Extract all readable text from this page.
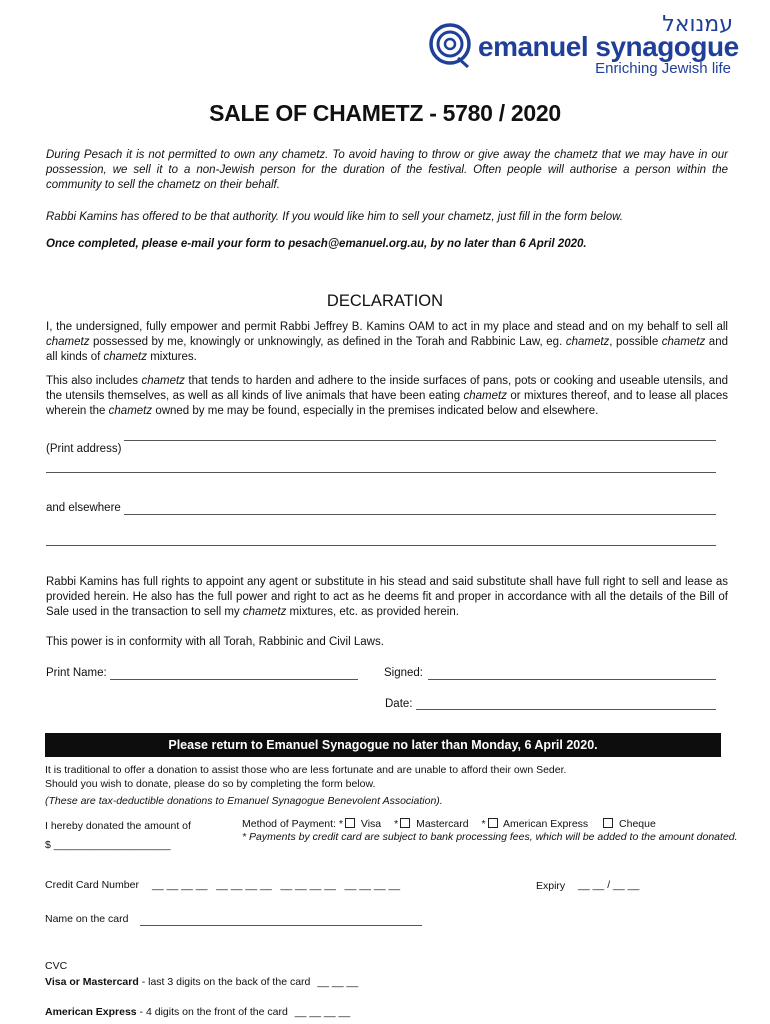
עמנואל
emanuel synagogue
Enriching Jewish life
SALE OF CHAMETZ - 5780 / 2020
During Pesach it is not permitted to own any chametz. To avoid having to throw or give away the chametz that we may have in our possession, we sell it to a non-Jewish person for the duration of the festival. Often people will authorise a person within the community to sell the chametz on their behalf.
Rabbi Kamins has offered to be that authority. If you would like him to sell your chametz, just fill in the form below.
Once completed, please e-mail your form to pesach@emanuel.org.au, by no later than 6 April 2020.
DECLARATION
I, the undersigned, fully empower and permit Rabbi Jeffrey B. Kamins OAM to act in my place and stead and on my behalf to sell all chametz possessed by me, knowingly or unknowingly, as defined in the Torah and Rabbinic Law, eg. chametz, possible chametz and all kinds of chametz mixtures.
This also includes chametz that tends to harden and adhere to the inside surfaces of pans, pots or cooking and useable utensils, and the utensils themselves, as well as all kinds of live animals that have been eating chametz or mixtures thereof, and to lease all places wherein the chametz owned by me may be found, especially in the premises indicated below and elsewhere.
(Print address)
and elsewhere
Rabbi Kamins has full rights to appoint any agent or substitute in his stead and said substitute shall have full right to sell and lease as provided herein. He also has the full power and right to act as he deems fit and proper in accordance with all the details of the Bill of Sale used in the transaction to sell my chametz mixtures, etc. as provided herein.
This power is in conformity with all Torah, Rabbinic and Civil Laws.
Print Name:	Signed:
Date:
Please return to Emanuel Synagogue no later than Monday, 6 April 2020.
It is traditional to offer a donation to assist those who are less fortunate and are unable to afford their own Seder.
Should you wish to donate, please do so by completing the form below.
(These are tax-deductible donations to Emanuel Synagogue Benevolent Association).
I hereby donated the amount of
$ ____________________
Method of Payment: * Visa * Mastercard * American Express	Cheque
* Payments by credit card are subject to bank processing fees, which will be added to the amount donated.
Credit Card Number __ __ __ __   __ __ __ __   __ __ __ __   __ __ __ __	Expiry __ __ / __ __
Name on the card
CVC
Visa or Mastercard - last 3 digits on the back of the card __ __ __
American Express - 4 digits on the front of the card __ __ __ __
